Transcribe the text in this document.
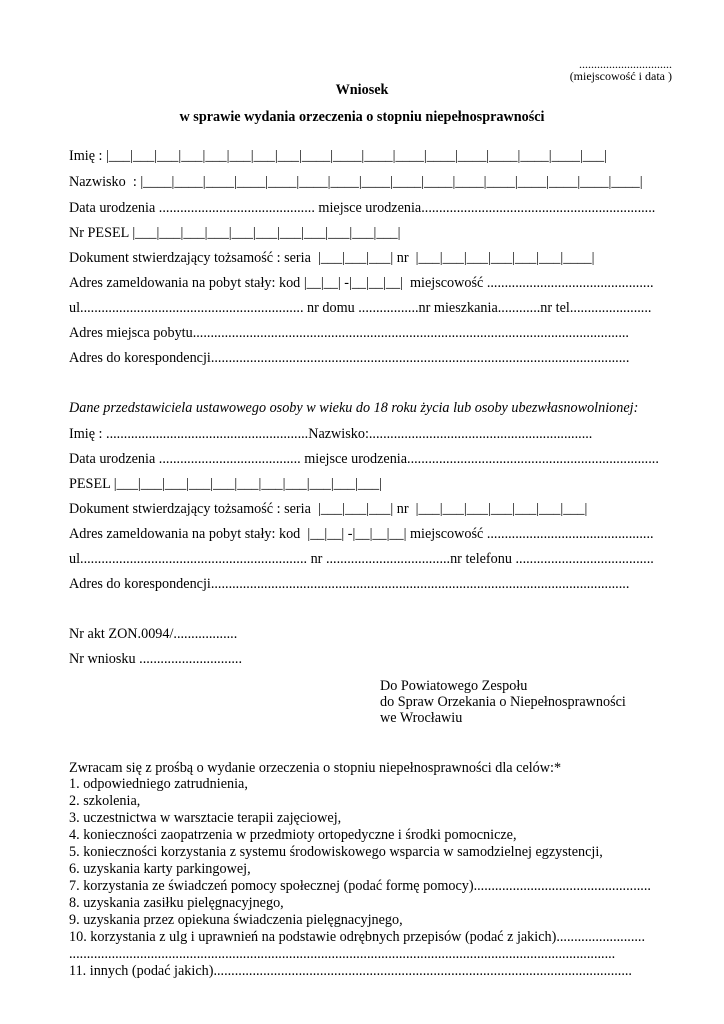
...............................
(miejscowość i data )
Wniosek
w sprawie wydania orzeczenia o stopniu niepełnosprawności
Imię : |___|___|___|___|___|___|___|___|____|____|____|____|____|____|____|____|____|___|
Nazwisko  : |____|____|____|____|____|____|____|____|____|____|____|____|____|____|____|____|
Data urodzenia ............................................ miejsce urodzenia..................................................................
Nr PESEL |___|___|___|___|___|___|___|___|___|___|___|
Dokument stwierdzający tożsamość : seria  |___|___|___| nr  |___|___|___|___|___|___|____|
Adres zameldowania na pobyt stały: kod |__|__| -|__|__|__|  miejscowość ...............................................
ul............................................................... nr domu .................nr mieszkania............nr tel.......................
Adres miejsca pobytu...........................................................................................................................
Adres do korespondencji......................................................................................................................
Dane przedstawiciela ustawowego osoby w wieku do 18 roku życia lub osoby ubezwłasnowolnionej:
Imię : .........................................................Nazwisko:...............................................................
Data urodzenia ........................................ miejsce urodzenia.......................................................................
PESEL |___|___|___|___|___|___|___|___|___|___|___|
Dokument stwierdzający tożsamość : seria  |___|___|___| nr  |___|___|___|___|___|___|___|
Adres zameldowania na pobyt stały: kod  |__|__| -|__|__|__| miejscowość ...............................................
ul................................................................ nr ...................................nr telefonu .......................................
Adres do korespondencji......................................................................................................................
Nr akt ZON.0094/..................
Nr wniosku .............................
Do Powiatowego Zespołu
do Spraw Orzekania o Niepełnosprawności
we Wrocławiu
Zwracam się z prośbą o wydanie orzeczenia o stopniu niepełnosprawności dla celów:*
1. odpowiedniego zatrudnienia,
2. szkolenia,
3. uczestnictwa w warsztacie terapii zajęciowej,
4. konieczności zaopatrzenia w przedmioty ortopedyczne i środki pomocnicze,
5. konieczności korzystania z systemu środowiskowego wsparcia w samodzielnej egzystencji,
6. uzyskania karty parkingowej,
7. korzystania ze świadczeń pomocy społecznej (podać formę pomocy)..................................................
8. uzyskania zasiłku pielęgnacyjnego,
9. uzyskania przez opiekuna świadczenia pielęgnacyjnego,
10. korzystania z ulg i uprawnień na podstawie odrębnych przepisów (podać z jakich).........................
..........................................................................................................................................................
11. innych (podać jakich)......................................................................................................................
